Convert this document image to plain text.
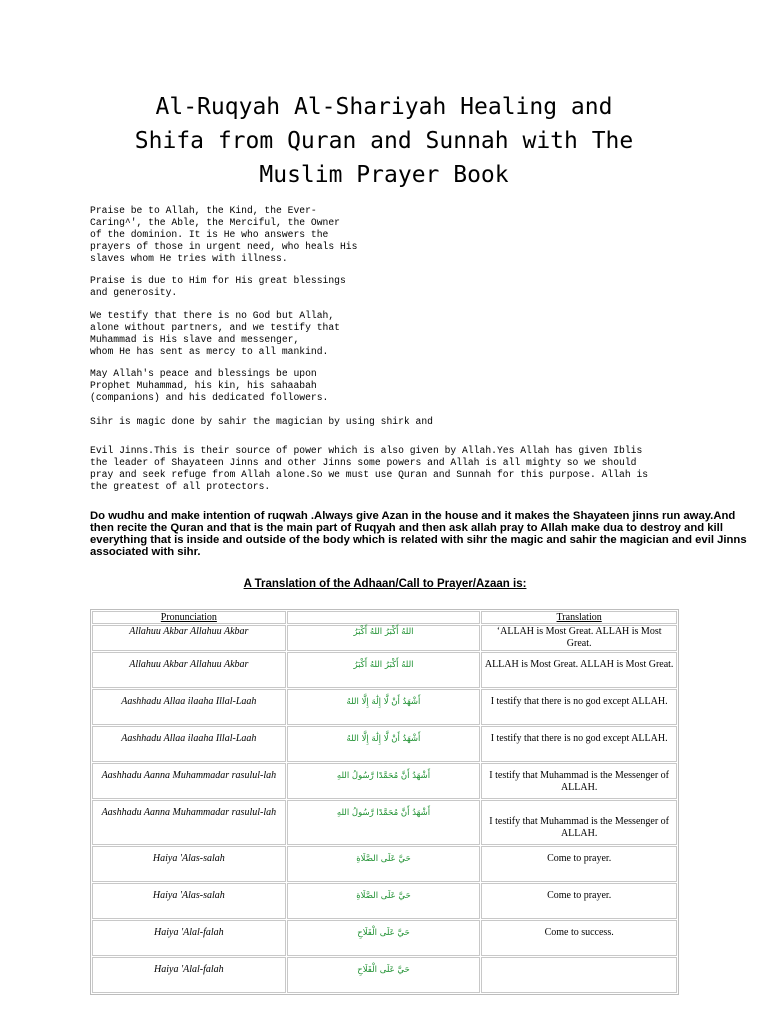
Al-Ruqyah Al-Shariyah Healing and
Shifa from Quran and Sunnah with The
Muslim Prayer Book

Praise be to Allah, the Kind, the Ever-
Caring^', the Able, the Merciful, the Owner
of the dominion. It is He who answers the
prayers of those in urgent need, who heals His
slaves whom He tries with illness.

Praise is due to Him for His great blessings
and generosity.

We testify that there is no God but Allah,
alone without partners, and we testify that
Muhammad is His slave and messenger,
whom He has sent as mercy to all mankind.

May Allah's peace and blessings be upon
Prophet Muhammad, his kin, his sahaabah
(companions) and his dedicated followers.

Sihr is magic done by sahir the magician by using shirk and

Evil Jinns.This is their source of power which is also given by Allah.Yes Allah has given Iblis
the leader of Shayateen Jinns and other Jinns some powers and Allah is all mighty so we should
pray and seek refuge from Allah alone.So we must use Quran and Sunnah for this purpose. Allah is
the greatest of all protectors.

Do wudhu and make intention of ruqwah .Always give Azan in the house and it makes the Shayateen jinns run away.And
then recite the Quran and that is the main part of Ruqyah and then ask allah pray to Allah make dua to destroy and kill
everything that is inside and outside of the body which is related with sihr the magic and sahir the magician and evil Jinns
associated with sihr.

A Translation of the Adhaan/Call to Prayer/Azaan is:

Pronunciation		Translation
Allahuu Akbar Allahuu Akbar	اللهُ أَكْبَرُ اللهُ أَكْبَرُ	‘ALLAH is Most Great. ALLAH is Most Great.
Allahuu Akbar Allahuu Akbar	اللهُ أَكْبَرُ اللهُ أَكْبَرُ	ALLAH is Most Great. ALLAH is Most Great.
Aashhadu Allaa ilaaha Illal-Laah	أَشْهَدُ أَنْ لَّا إِلَٰهَ إِلَّا اللهُ	I testify that there is no god except ALLAH.
Aashhadu Allaa ilaaha Illal-Laah	أَشْهَدُ أَنْ لَّا إِلَٰهَ إِلَّا اللهُ	I testify that there is no god except ALLAH.
Aashhadu Aanna Muhammadar rasulul-lah	أَشْهَدُ أَنَّ مُحَمَّدًا رَّسُولُ اللهِ	I testify that Muhammad is the Messenger of ALLAH.
Aashhadu Aanna Muhammadar rasulul-lah	أَشْهَدُ أَنَّ مُحَمَّدًا رَّسُولُ اللهِ	I testify that Muhammad is the Messenger of ALLAH.
Haiya 'Alas-salah	حَيَّ عَلَى الصَّلَاةِ	Come to prayer.
Haiya 'Alas-salah	حَيَّ عَلَى الصَّلَاةِ	Come to prayer.
Haiya 'Alal-falah	حَيَّ عَلَى الْفَلَاحِ	Come to success.
Haiya 'Alal-falah	حَيَّ عَلَى الْفَلَاحِ	
